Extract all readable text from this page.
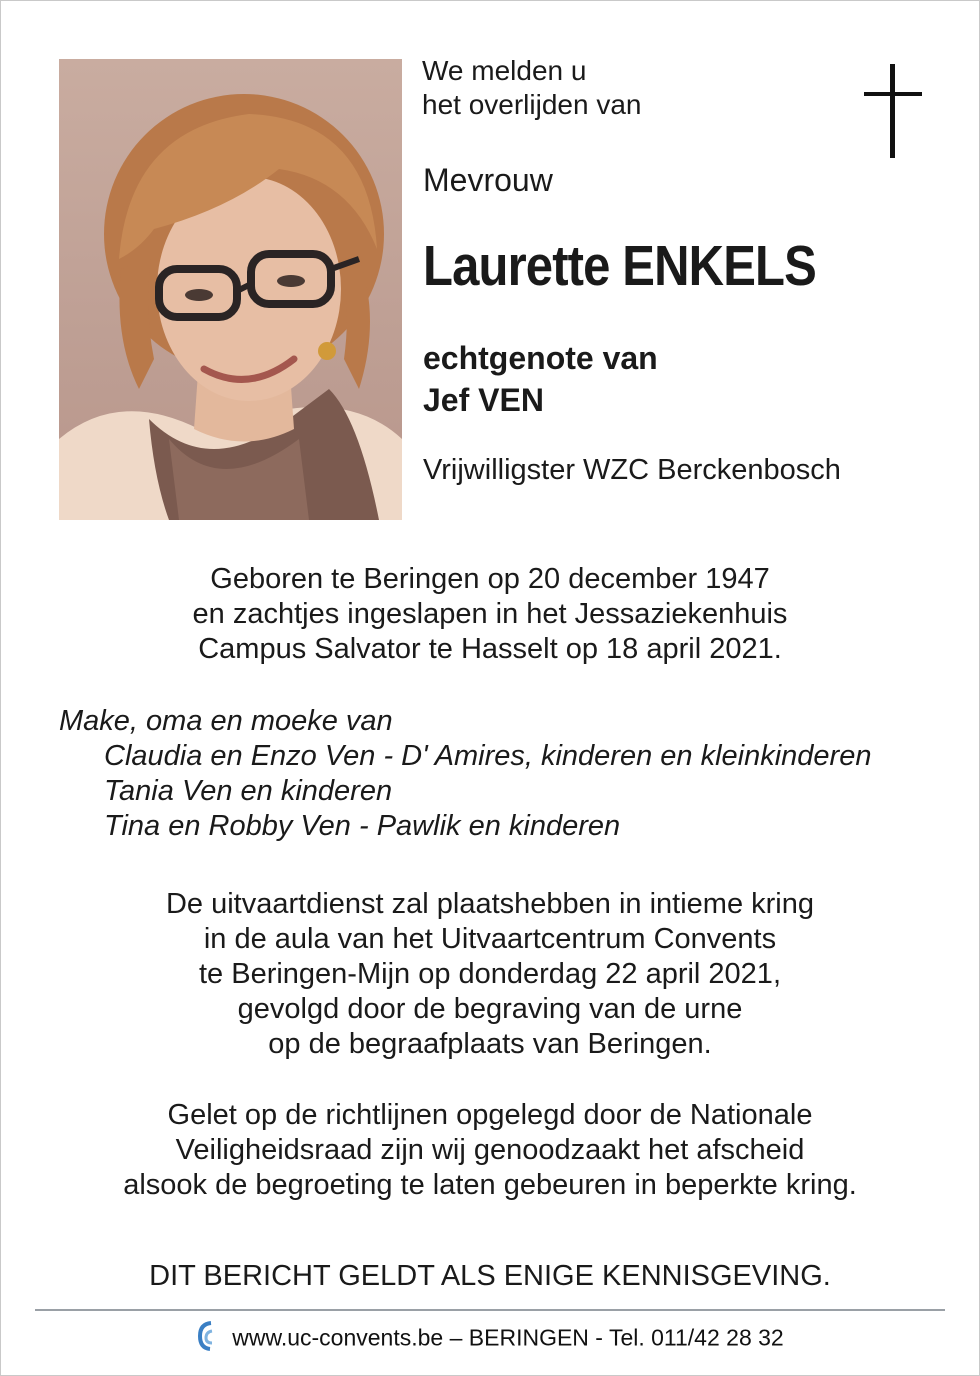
We melden u
het overlijden van
Mevrouw
Laurette ENKELS
echtgenote van
Jef VEN
Vrijwilligster WZC Berckenbosch
Geboren te Beringen op 20 december 1947
en zachtjes ingeslapen in het Jessaziekenhuis
Campus Salvator te Hasselt op 18 april 2021.
Make, oma en moeke van
Claudia en Enzo Ven - D' Amires, kinderen en kleinkinderen
Tania Ven en kinderen
Tina en Robby Ven - Pawlik en kinderen
De uitvaartdienst zal plaatshebben in intieme kring
in de aula van het Uitvaartcentrum Convents
te Beringen-Mijn op donderdag 22 april 2021,
gevolgd door de begraving van de urne
op de begraafplaats van Beringen.
Gelet op de richtlijnen opgelegd door de Nationale
Veiligheidsraad zijn wij genoodzaakt het afscheid
alsook de begroeting te laten gebeuren in beperkte kring.
DIT BERICHT GELDT ALS ENIGE KENNISGEVING.
www.uc-convents.be – BERINGEN - Tel. 011/42 28 32
